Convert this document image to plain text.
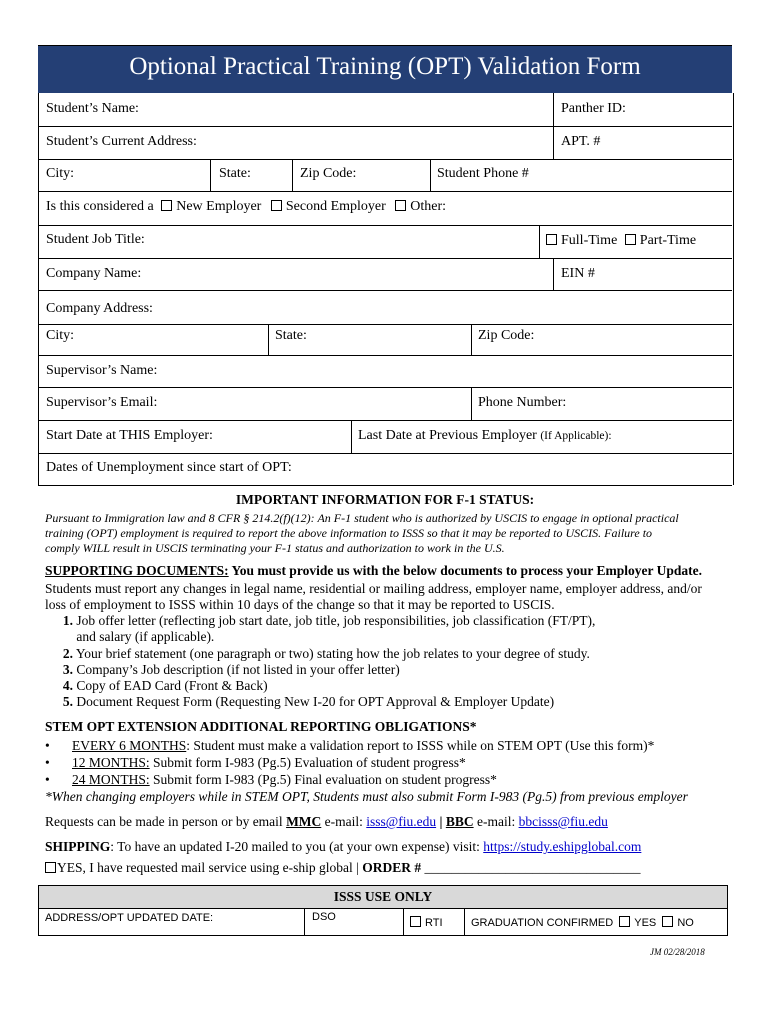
Optional Practical Training (OPT) Validation Form
Student’s Name:	Panther ID:
Student’s Current Address:	APT. #
City:	State:	Zip Code:	Student Phone #
Is this considered a New Employer Second Employer Other:
Student Job Title:	Full-Time Part-Time
Company Name:	EIN #
Company Address:
City:	State:	Zip Code:
Supervisor’s Name:
Supervisor’s Email:	Phone Number:
Start Date at THIS Employer:	Last Date at Previous Employer (If Applicable):
Dates of Unemployment since start of OPT:
IMPORTANT INFORMATION FOR F-1 STATUS:
Pursuant to Immigration law and 8 CFR § 214.2(f)(12): An F-1 student who is authorized by USCIS to engage in optional practical
training (OPT) employment is required to report the above information to ISSS so that it may be reported to USCIS. Failure to
comply WILL result in USCIS terminating your F-1 status and authorization to work in the U.S.
SUPPORTING DOCUMENTS: You must provide us with the below documents to process your Employer Update.
Students must report any changes in legal name, residential or mailing address, employer name, employer address, and/or
loss of employment to ISSS within 10 days of the change so that it may be reported to USCIS.
1. Job offer letter (reflecting job start date, job title, job responsibilities, job classification (FT/PT),
and salary (if applicable).
2. Your brief statement (one paragraph or two) stating how the job relates to your degree of study.
3. Company’s Job description (if not listed in your offer letter)
4. Copy of EAD Card (Front & Back)
5. Document Request Form (Requesting New I-20 for OPT Approval & Employer Update)
STEM OPT EXTENSION ADDITIONAL REPORTING OBLIGATIONS*
• EVERY 6 MONTHS: Student must make a validation report to ISSS while on STEM OPT (Use this form)*
• 12 MONTHS: Submit form I-983 (Pg.5) Evaluation of student progress*
• 24 MONTHS: Submit form I-983 (Pg.5) Final evaluation on student progress*
*When changing employers while in STEM OPT, Students must also submit Form I-983 (Pg.5) from previous employer
Requests can be made in person or by email MMC e-mail: isss@fiu.edu | BBC e-mail: bbcisss@fiu.edu
SHIPPING: To have an updated I-20 mailed to you (at your own expense) visit: https://study.eshipglobal.com
YES, I have requested mail service using e-ship global | ORDER # ________________________________
ISSS USE ONLY
ADDRESS/OPT UPDATED DATE:	DSO	RTI	GRADUATION CONFIRMED YES NO
JM 02/28/2018
